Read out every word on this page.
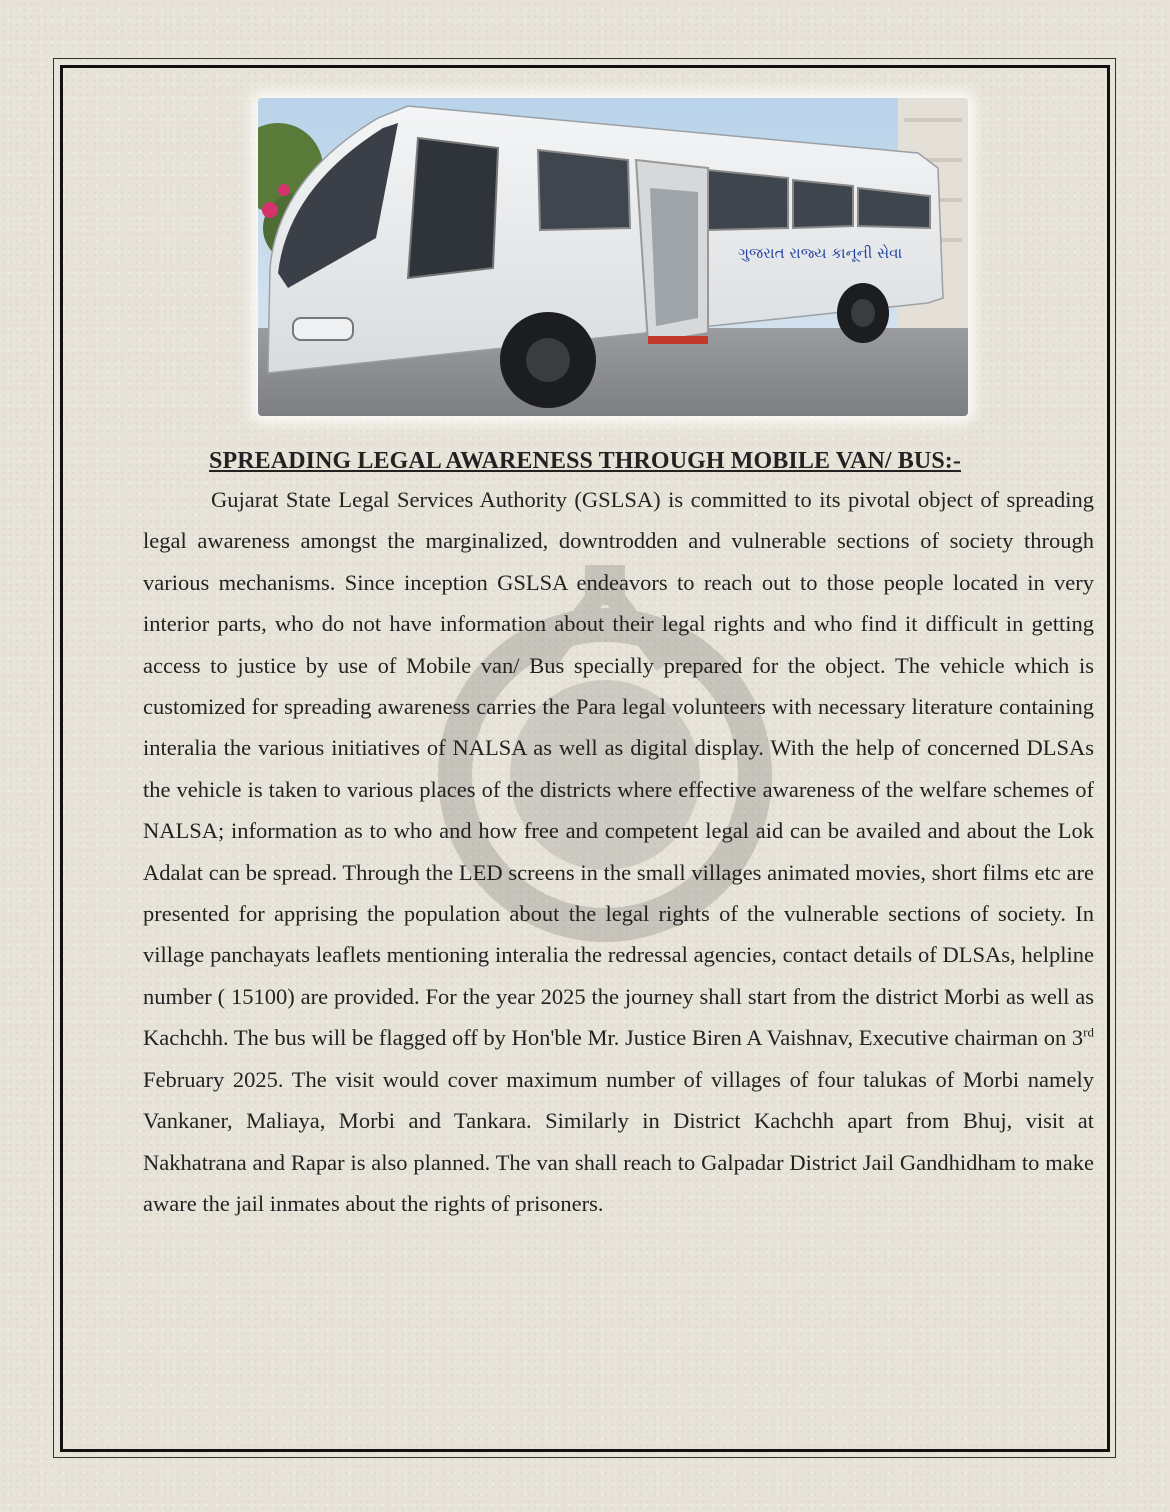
ગુજરાત રાજ્ય કાનૂની સેવા
SPREADING LEGAL AWARENESS THROUGH MOBILE VAN/ BUS:-

Gujarat State Legal Services Authority (GSLSA) is committed to its pivotal object of spreading legal awareness amongst the marginalized, downtrodden and vulnerable sections of society through various mechanisms. Since inception GSLSA endeavors to reach out to those people located in very interior parts, who do not have information about their legal rights and who find it difficult in getting access to justice by use of Mobile van/ Bus specially prepared for the object. The vehicle which is customized for spreading awareness carries the Para legal volunteers with necessary literature containing interalia the various initiatives of NALSA as well as digital display. With the help of concerned DLSAs the vehicle is taken to various places of the districts where effective awareness of the welfare schemes of NALSA; information as to who and how free and competent legal aid can be availed and about the Lok Adalat can be spread. Through the LED screens in the small villages animated movies, short films etc are presented for apprising the population about the legal rights of the vulnerable sections of society. In village panchayats leaflets mentioning interalia the redressal agencies, contact details of DLSAs, helpline number ( 15100) are provided. For the year 2025 the journey shall start from the district Morbi as well as Kachchh. The bus will be flagged off by Hon'ble Mr. Justice Biren A Vaishnav, Executive chairman on 3rd February 2025. The visit would cover maximum number of villages of four talukas of Morbi namely Vankaner, Maliaya, Morbi and Tankara. Similarly in District Kachchh apart from Bhuj, visit at Nakhatrana and Rapar is also planned. The van shall reach to Galpadar District Jail Gandhidham to make aware the jail inmates about the rights of prisoners.
